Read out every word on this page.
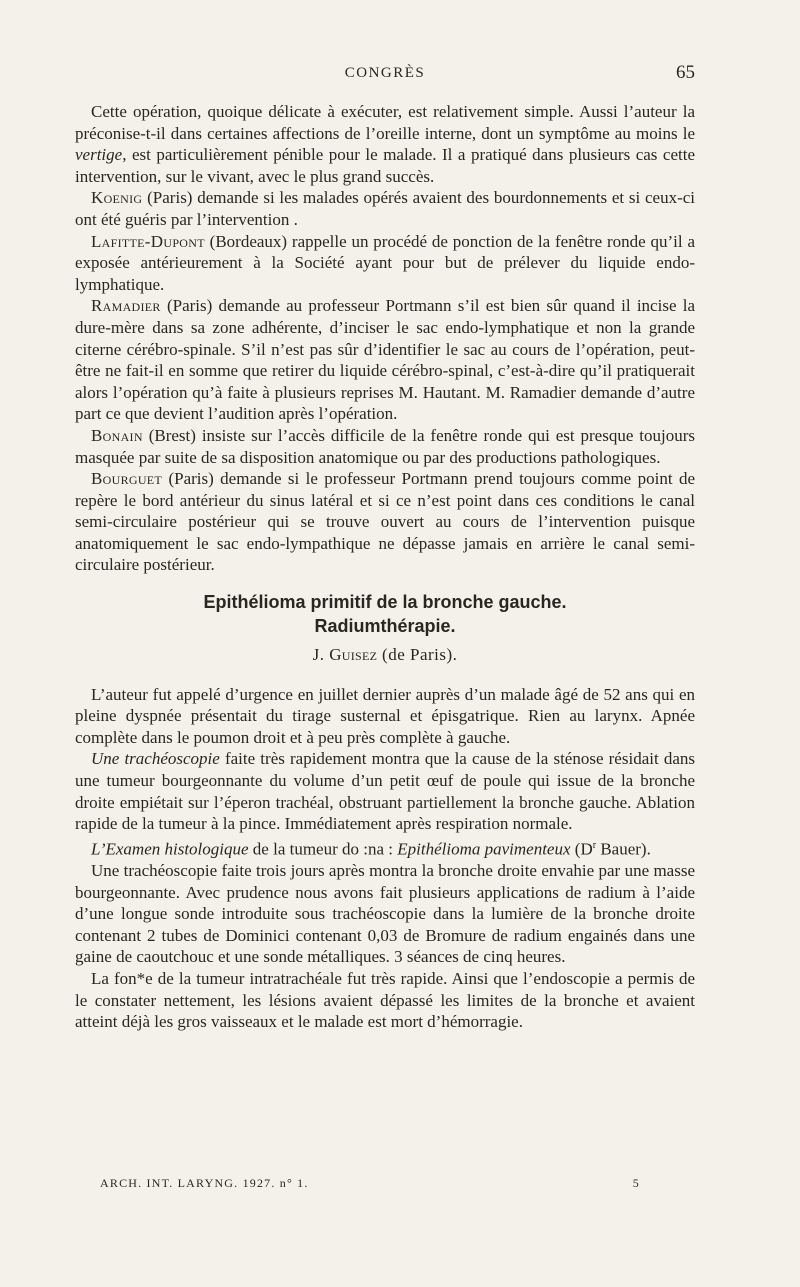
CONGRÈS	65

Cette opération, quoique délicate à exécuter, est relativement simple. Aussi l’auteur la préconise-t-il dans certaines affections de l’oreille interne, dont un symptôme au moins le vertige, est particulièrement pénible pour le malade. Il a pratiqué dans plusieurs cas cette intervention, sur le vivant, avec le plus grand succès.

Koenig (Paris) demande si les malades opérés avaient des bourdonnements et si ceux-ci ont été guéris par l’intervention .

Lafitte-Dupont (Bordeaux) rappelle un procédé de ponction de la fenêtre ronde qu’il a exposée antérieurement à la Société ayant pour but de prélever du liquide endo-lymphatique.

Ramadier (Paris) demande au professeur Portmann s’il est bien sûr quand il incise la dure-mère dans sa zone adhérente, d’inciser le sac endo-lymphatique et non la grande citerne cérébro-spinale. S’il n’est pas sûr d’identifier le sac au cours de l’opération, peut-être ne fait-il en somme que retirer du liquide cérébro-spinal, c’est-à-dire qu’il pratiquerait alors l’opération qu’à faite à plusieurs reprises M. Hautant. M. Ramadier demande d’autre part ce que devient l’audition après l’opération.

Bonain (Brest) insiste sur l’accès difficile de la fenêtre ronde qui est presque toujours masquée par suite de sa disposition anatomique ou par des productions pathologiques.

Bourguet (Paris) demande si le professeur Portmann prend toujours comme point de repère le bord antérieur du sinus latéral et si ce n’est point dans ces conditions le canal semi-circulaire postérieur qui se trouve ouvert au cours de l’intervention puisque anatomiquement le sac endo-lympathique ne dépasse jamais en arrière le canal semi-circulaire postérieur.

Epithélioma primitif de la bronche gauche.
Radiumthérapie.
J. Guisez (de Paris).

L’auteur fut appelé d’urgence en juillet dernier auprès d’un malade âgé de 52 ans qui en pleine dyspnée présentait du tirage susternal et épisgatrique. Rien au larynx. Apnée complète dans le poumon droit et à peu près complète à gauche.

Une trachéoscopie faite très rapidement montra que la cause de la sténose résidait dans une tumeur bourgeonnante du volume d’un petit œuf de poule qui issue de la bronche droite empiétait sur l’éperon trachéal, obstruant partiellement la bronche gauche. Ablation rapide de la tumeur à la pince. Immédiatement après respiration normale.

L’Examen histologique de la tumeur do :na : Epithélioma pavimenteux ($D^r$ Bauer).

Une trachéoscopie faite trois jours après montra la bronche droite envahie par une masse bourgeonnante. Avec prudence nous avons fait plusieurs applications de radium à l’aide d’une longue sonde introduite sous trachéoscopie dans la lumière de la bronche droite contenant 2 tubes de Dominici contenant 0,03 de Bromure de radium engainés dans une gaine de caoutchouc et une sonde métalliques. 3 séances de cinq heures.

La fon*e de la tumeur intratrachéale fut très rapide. Ainsi que l’endoscopie a permis de le constater nettement, les lésions avaient dépassé les limites de la bronche et avaient atteint déjà les gros vaisseaux et le malade est mort d’hémorragie.

ARCH. INT. LARYNG. 1927. n° 1.	5
